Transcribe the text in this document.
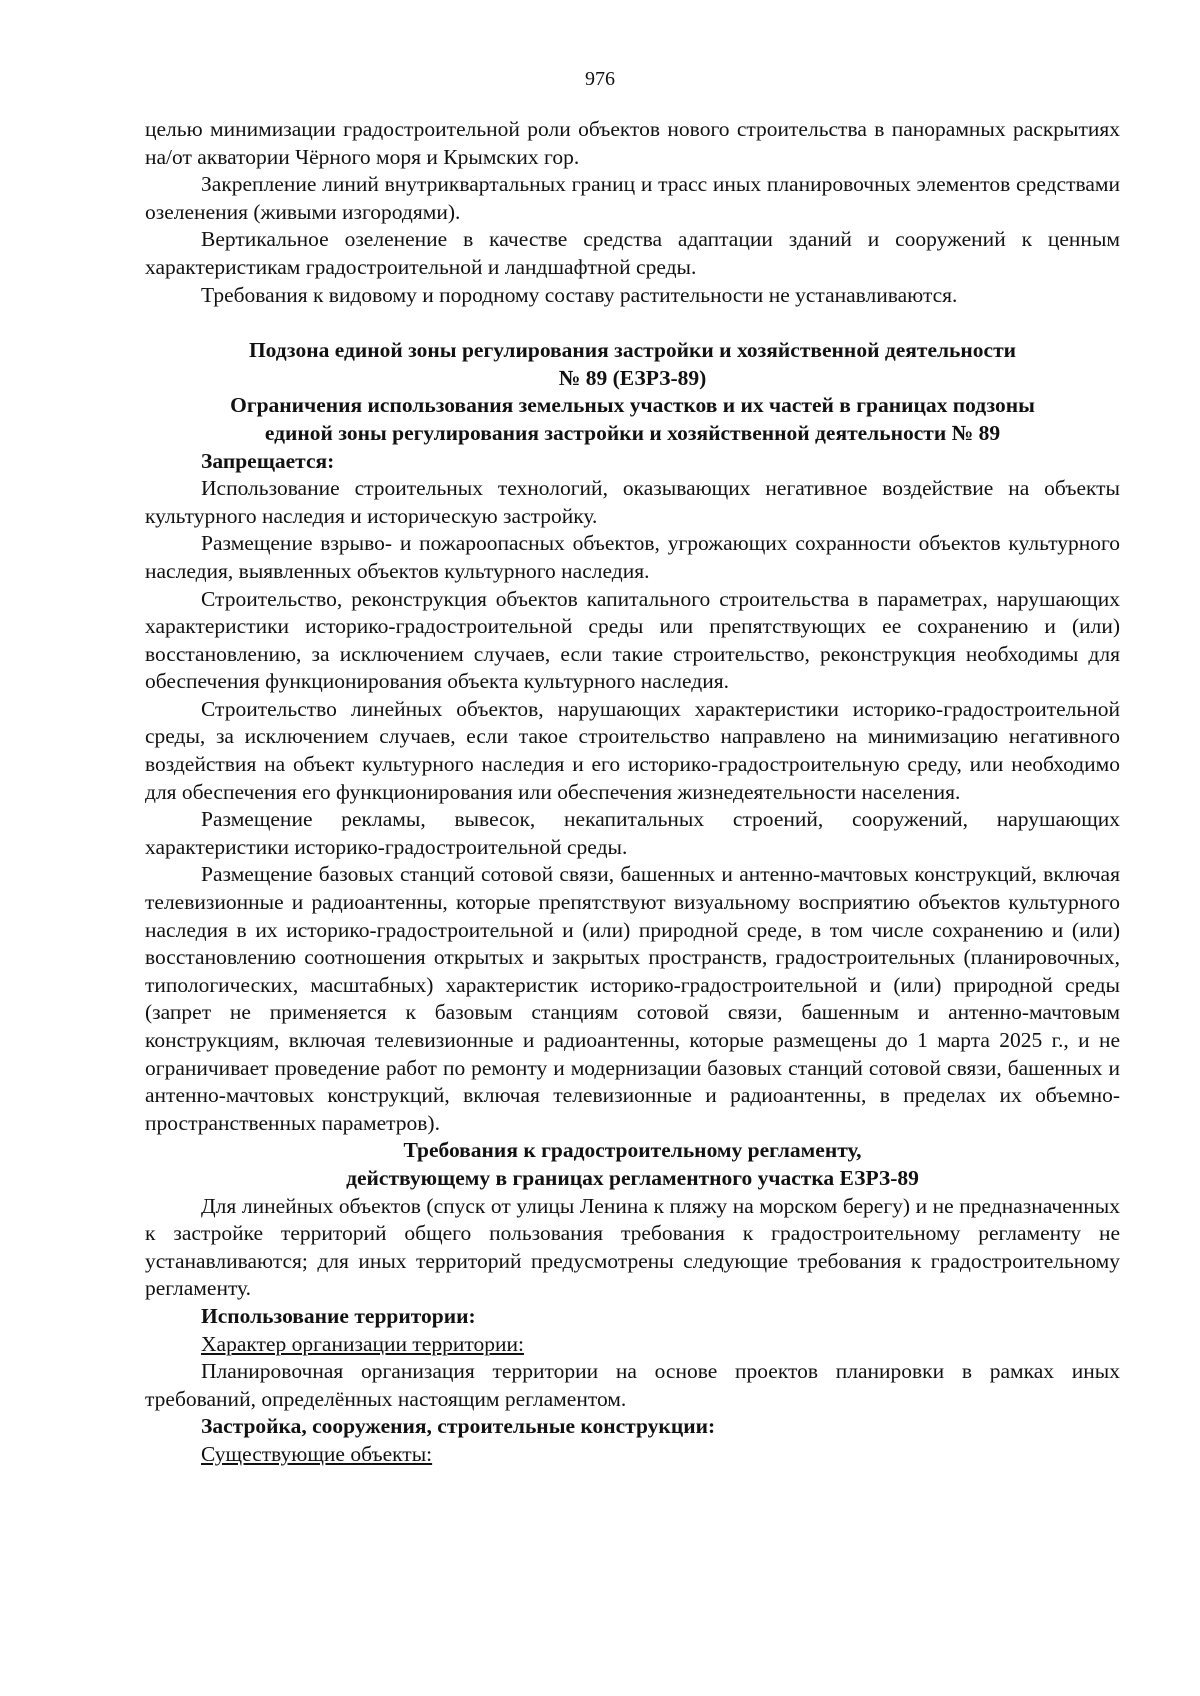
976

целью минимизации градостроительной роли объектов нового строительства в панорамных раскрытиях на/от акватории Чёрного моря и Крымских гор.

Закрепление линий внутриквартальных границ и трасс иных планировочных элементов средствами озеленения (живыми изгородями).

Вертикальное озеленение в качестве средства адаптации зданий и сооружений к ценным характеристикам градостроительной и ландшафтной среды.

Требования к видовому и породному составу растительности не устанавливаются.

Подзона единой зоны регулирования застройки и хозяйственной деятельности

№ 89 (ЕЗРЗ-89)

Ограничения использования земельных участков и их частей в границах подзоны

единой зоны регулирования застройки и хозяйственной деятельности № 89

Запрещается:

Использование строительных технологий, оказывающих негативное воздействие на объекты культурного наследия и историческую застройку.

Размещение взрыво- и пожароопасных объектов, угрожающих сохранности объектов культурного наследия, выявленных объектов культурного наследия.

Строительство, реконструкция объектов капитального строительства в параметрах, нарушающих характеристики историко-градостроительной среды или препятствующих ее сохранению и (или) восстановлению, за исключением случаев, если такие строительство, реконструкция необходимы для обеспечения функционирования объекта культурного наследия.

Строительство линейных объектов, нарушающих характеристики историко-градостроительной среды, за исключением случаев, если такое строительство направлено на минимизацию негативного воздействия на объект культурного наследия и его историко-градостроительную среду, или необходимо для обеспечения его функционирования или обеспечения жизнедеятельности населения.

Размещение рекламы, вывесок, некапитальных строений, сооружений, нарушающих характеристики историко-градостроительной среды.

Размещение базовых станций сотовой связи, башенных и антенно-мачтовых конструкций, включая телевизионные и радиоантенны, которые препятствуют визуальному восприятию объектов культурного наследия в их историко-градостроительной и (или) природной среде, в том числе сохранению и (или) восстановлению соотношения открытых и закрытых пространств, градостроительных (планировочных, типологических, масштабных) характеристик историко-градостроительной и (или) природной среды (запрет не применяется к базовым станциям сотовой связи, башенным и антенно-мачтовым конструкциям, включая телевизионные и радиоантенны, которые размещены до 1 марта 2025 г., и не ограничивает проведение работ по ремонту и модернизации базовых станций сотовой связи, башенных и антенно-мачтовых конструкций, включая телевизионные и радиоантенны, в пределах их объемно-пространственных параметров).

Требования к градостроительному регламенту,

действующему в границах регламентного участка ЕЗРЗ-89

Для линейных объектов (спуск от улицы Ленина к пляжу на морском берегу) и не предназначенных к застройке территорий общего пользования требования к градостроительному регламенту не устанавливаются; для иных территорий предусмотрены следующие требования к градостроительному регламенту.

Использование территории:

Характер организации территории:

Планировочная организация территории на основе проектов планировки в рамках иных требований, определённых настоящим регламентом.

Застройка, сооружения, строительные конструкции:

Существующие объекты:
